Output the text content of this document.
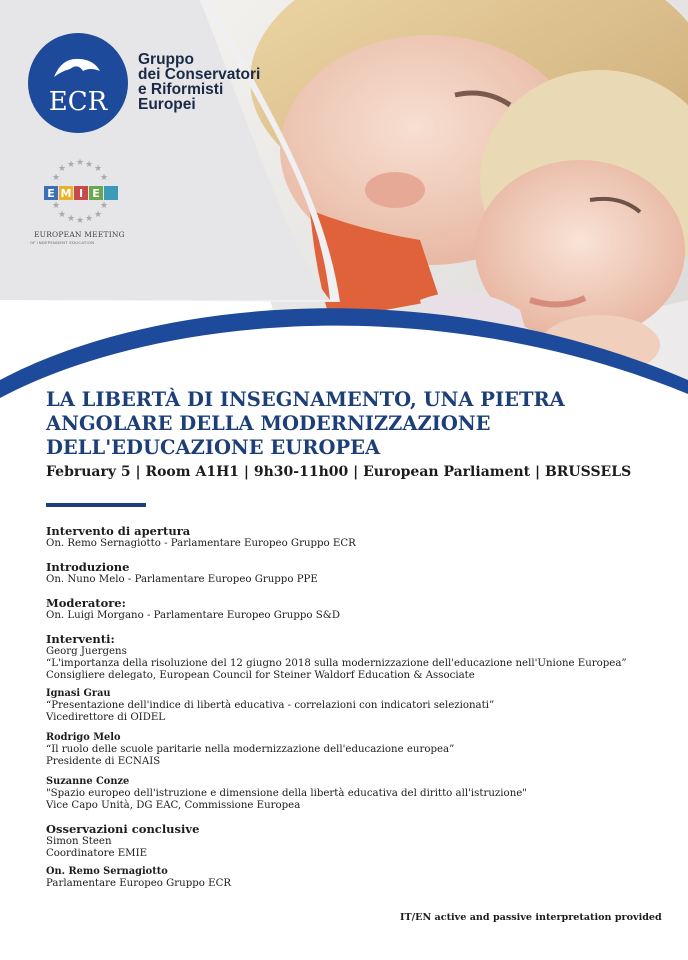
ECR
Gruppo
dei Conservatori
e Riformisti
Europei
★ ★ ★ ★ ★
★	★
★	★
★ ★ ★ ★ ★
E M I E
EUROPEAN MEETING
OF INDEPENDENT EDUCATION
LA LIBERTÀ DI INSEGNAMENTO, UNA PIETRA
ANGOLARE DELLA MODERNIZZAZIONE
DELL'EDUCAZIONE EUROPEA
February 5 | Room A1H1 | 9h30-11h00 | European Parliament | BRUSSELS
Intervento di apertura
On. Remo Sernagiotto - Parlamentare Europeo Gruppo ECR
Introduzione
On. Nuno Melo - Parlamentare Europeo Gruppo PPE
Moderatore:
On. Luigi Morgano - Parlamentare Europeo Gruppo S&D
Interventi:
Georg Juergens
“L'importanza della risoluzione del 12 giugno 2018 sulla modernizzazione dell'educazione nell'Unione Europea”
Consigliere delegato, European Council for Steiner Waldorf Education & Associate
Ignasi Grau
“Presentazione dell'indice di libertà educativa - correlazioni con indicatori selezionati”
Vicedirettore di OIDEL
Rodrigo Melo
“Il ruolo delle scuole paritarie nella modernizzazione dell'educazione europea”
Presidente di ECNAIS
Suzanne Conze
"Spazio europeo dell'istruzione e dimensione della libertà educativa del diritto all'istruzione"
Vice Capo Unità, DG EAC, Commissione Europea
Osservazioni conclusive
Simon Steen
Coordinatore EMIE
On. Remo Sernagiotto
Parlamentare Europeo Gruppo ECR
IT/EN active and passive interpretation provided
